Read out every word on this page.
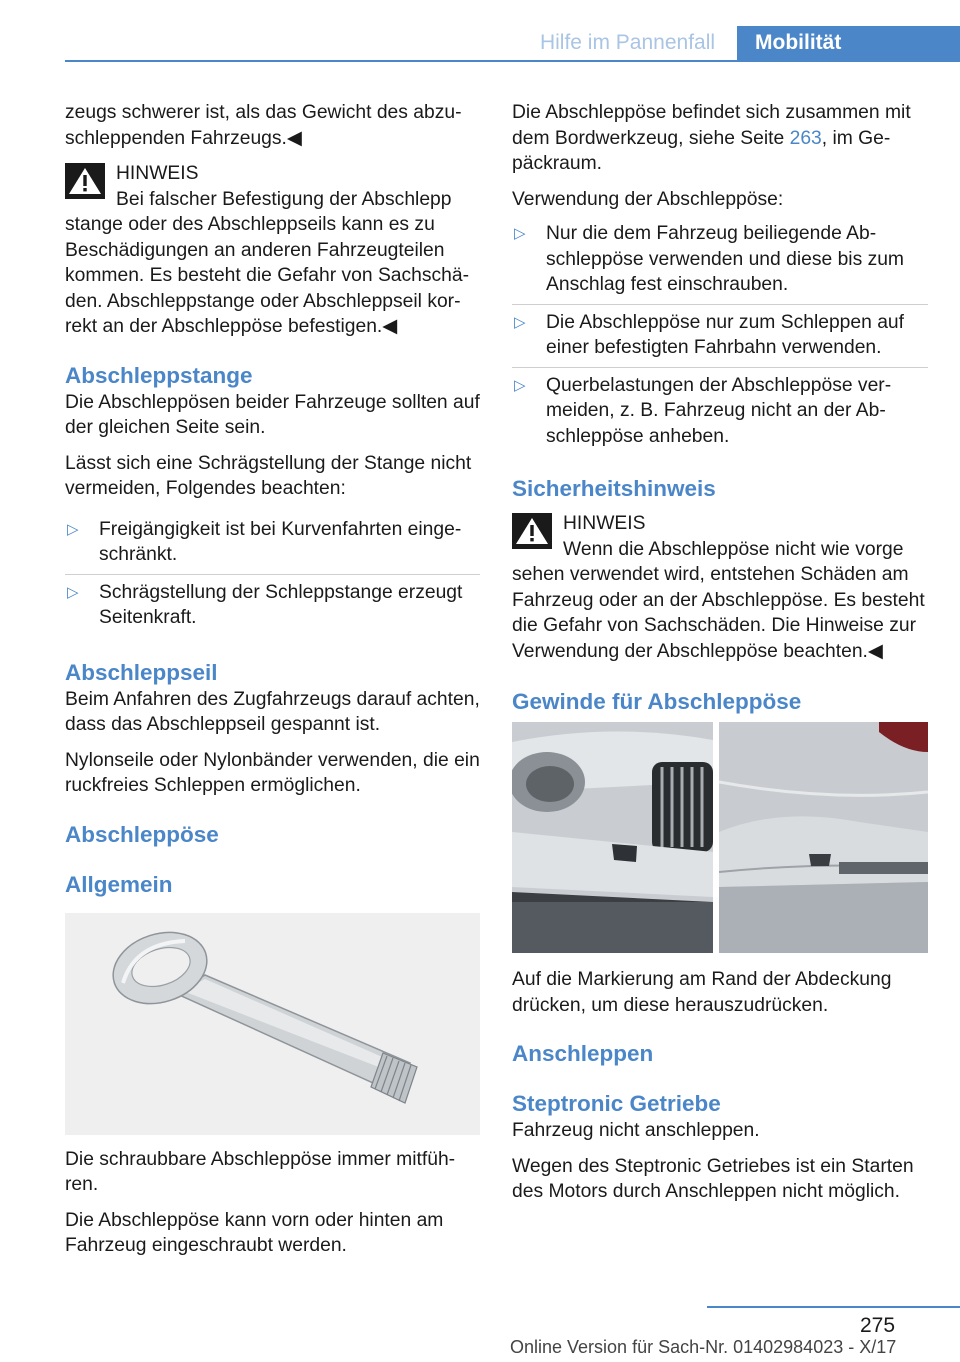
Hilfe im Pannenfall	Mobilität

zeugs schwerer ist, als das Gewicht des abzuschleppenden Fahrzeugs.◀

HINWEIS
Bei falscher Befestigung der Abschlepp
stange oder des Abschleppseils kann es zu Beschädigungen an anderen Fahrzeugteilen kommen. Es besteht die Gefahr von Sachschäden. Abschleppstange oder Abschleppseil korrekt an der Abschleppöse befestigen.◀
Abschleppstange

Die Abschleppösen beider Fahrzeuge sollten auf der gleichen Seite sein.

Lässt sich eine Schrägstellung der Stange nicht vermeiden, Folgendes beachten:

▷ Freigängigkeit ist bei Kurvenfahrten eingeschränkt.
▷ Schrägstellung der Schleppstange erzeugt Seitenkraft.
Abschleppseil

Beim Anfahren des Zugfahrzeugs darauf achten, dass das Abschleppseil gespannt ist.

Nylonseile oder Nylonbänder verwenden, die ein ruckfreies Schleppen ermöglichen.

Abschleppöse
Allgemein

Die schraubbare Abschleppöse immer mitführen.

Die Abschleppöse kann vorn oder hinten am Fahrzeug eingeschraubt werden.

Die Abschleppöse befindet sich zusammen mit dem Bordwerkzeug, siehe Seite 263, im Gepäckraum.

Verwendung der Abschleppöse:

▷ Nur die dem Fahrzeug beiliegende Abschleppöse verwenden und diese bis zum Anschlag fest einschrauben.
▷ Die Abschleppöse nur zum Schleppen auf einer befestigten Fahrbahn verwenden.
▷ Querbelastungen der Abschleppöse vermeiden, z. B. Fahrzeug nicht an der Abschleppöse anheben.
Sicherheitshinweis
HINWEIS
Wenn die Abschleppöse nicht wie vorge
sehen verwendet wird, entstehen Schäden am Fahrzeug oder an der Abschleppöse. Es besteht die Gefahr von Sachschäden. Die Hinweise zur Verwendung der Abschleppöse beachten.◀
Gewinde für Abschleppöse

Auf die Markierung am Rand der Abdeckung drücken, um diese herauszudrücken.

Anschleppen
Steptronic Getriebe

Fahrzeug nicht anschleppen.

Wegen des Steptronic Getriebes ist ein Starten des Motors durch Anschleppen nicht möglich.

275
Online Version für Sach-Nr. 01402984023 - X/17
